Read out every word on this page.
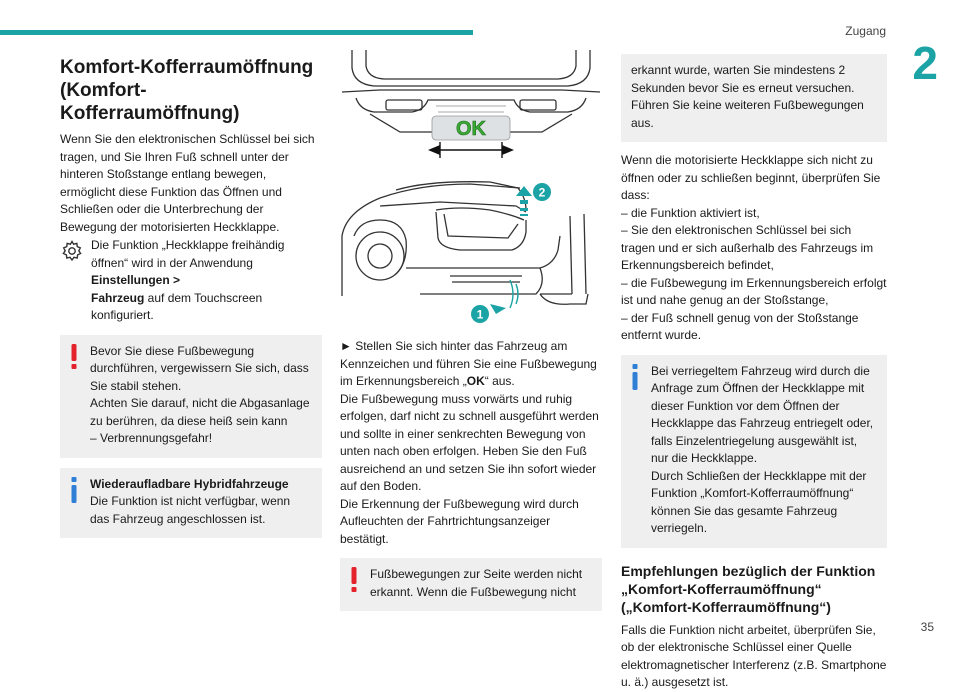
Zugang
2
35
Komfort-Kofferraumöffnung (Komfort-Kofferraumöffnung)

Wenn Sie den elektronischen Schlüssel bei sich tragen, und Sie Ihren Fuß schnell unter der hinteren Stoßstange entlang bewegen, ermöglicht diese Funktion das Öffnen und Schließen oder die Unterbrechung der Bewegung der motorisierten Heckklappe.

Die Funktion „Heckklappe freihändig öffnen“ wird in der Anwendung Einstellungen >
Fahrzeug auf dem Touchscreen konfiguriert.

Bevor Sie diese Fußbewegung durchführen, vergewissern Sie sich, dass Sie stabil stehen.

Achten Sie darauf, nicht die Abgasanlage zu berühren, da diese heiß sein kann

– Verbrennungsgefahr!

Wiederaufladbare Hybridfahrzeuge

Die Funktion ist nicht verfügbar, wenn das Fahrzeug angeschlossen ist.

OK
2
1

► Stellen Sie sich hinter das Fahrzeug am Kennzeichen und führen Sie eine Fußbewegung im Erkennungsbereich „OK“ aus.

Die Fußbewegung muss vorwärts und ruhig erfolgen, darf nicht zu schnell ausgeführt werden und sollte in einer senkrechten Bewegung von unten nach oben erfolgen. Heben Sie den Fuß ausreichend an und setzen Sie ihn sofort wieder auf den Boden.

Die Erkennung der Fußbewegung wird durch Aufleuchten der Fahrtrichtungsanzeiger bestätigt.

Fußbewegungen zur Seite werden nicht erkannt. Wenn die Fußbewegung nicht

erkannt wurde, warten Sie mindestens 2 Sekunden bevor Sie es erneut versuchen. Führen Sie keine weiteren Fußbewegungen aus.

Wenn die motorisierte Heckklappe sich nicht zu öffnen oder zu schließen beginnt, überprüfen Sie dass:

– die Funktion aktiviert ist,

– Sie den elektronischen Schlüssel bei sich tragen und er sich außerhalb des Fahrzeugs im Erkennungsbereich befindet,

– die Fußbewegung im Erkennungsbereich erfolgt ist und nahe genug an der Stoßstange,

– der Fuß schnell genug von der Stoßstange entfernt wurde.

Bei verriegeltem Fahrzeug wird durch die Anfrage zum Öffnen der Heckklappe mit dieser Funktion vor dem Öffnen der Heckklappe das Fahrzeug entriegelt oder, falls Einzelentriegelung ausgewählt ist, nur die Heckklappe.

Durch Schließen der Heckklappe mit der Funktion „Komfort-Kofferraumöffnung“ können Sie das gesamte Fahrzeug verriegeln.

Empfehlungen bezüglich der Funktion „Komfort-Kofferraumöffnung“ („Komfort-Kofferraumöffnung“)

Falls die Funktion nicht arbeitet, überprüfen Sie, ob der elektronische Schlüssel einer Quelle elektromagnetischer Interferenz (z.B. Smartphone u. ä.) ausgesetzt ist.
